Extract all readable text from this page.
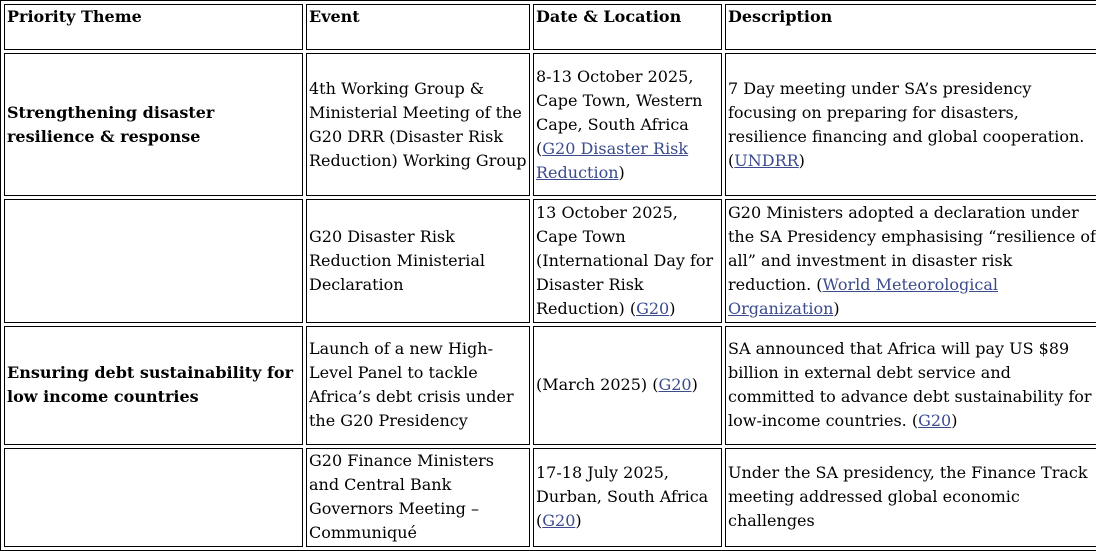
Priority Theme	Event	Date & Location	Description
Strengthening disaster resilience & response	4th Working Group & Ministerial Meeting of the G20 DRR (Disaster Risk Reduction) Working Group	8-13 October 2025, Cape Town, Western Cape, South Africa (G20 Disaster Risk Reduction)	7 Day meeting under SA’s presidency focusing on preparing for disasters, resilience financing and global cooperation. (UNDRR)
	G20 Disaster Risk Reduction Ministerial Declaration	13 October 2025, Cape Town (International Day for Disaster Risk Reduction) (G20)	G20 Ministers adopted a declaration under the SA Presidency emphasising “resilience of all” and investment in disaster risk reduction. (World Meteorological Organization)
Ensuring debt sustainability for low income countries	Launch of a new High-Level Panel to tackle Africa’s debt crisis under the G20 Presidency	(March 2025) (G20)	SA announced that Africa will pay US $89 billion in external debt service and committed to advance debt sustainability for low-income countries. (G20)
	G20 Finance Ministers and Central Bank Governors Meeting – Communiqué	17-18 July 2025, Durban, South Africa (G20)	Under the SA presidency, the Finance Track meeting addressed global economic challenges
